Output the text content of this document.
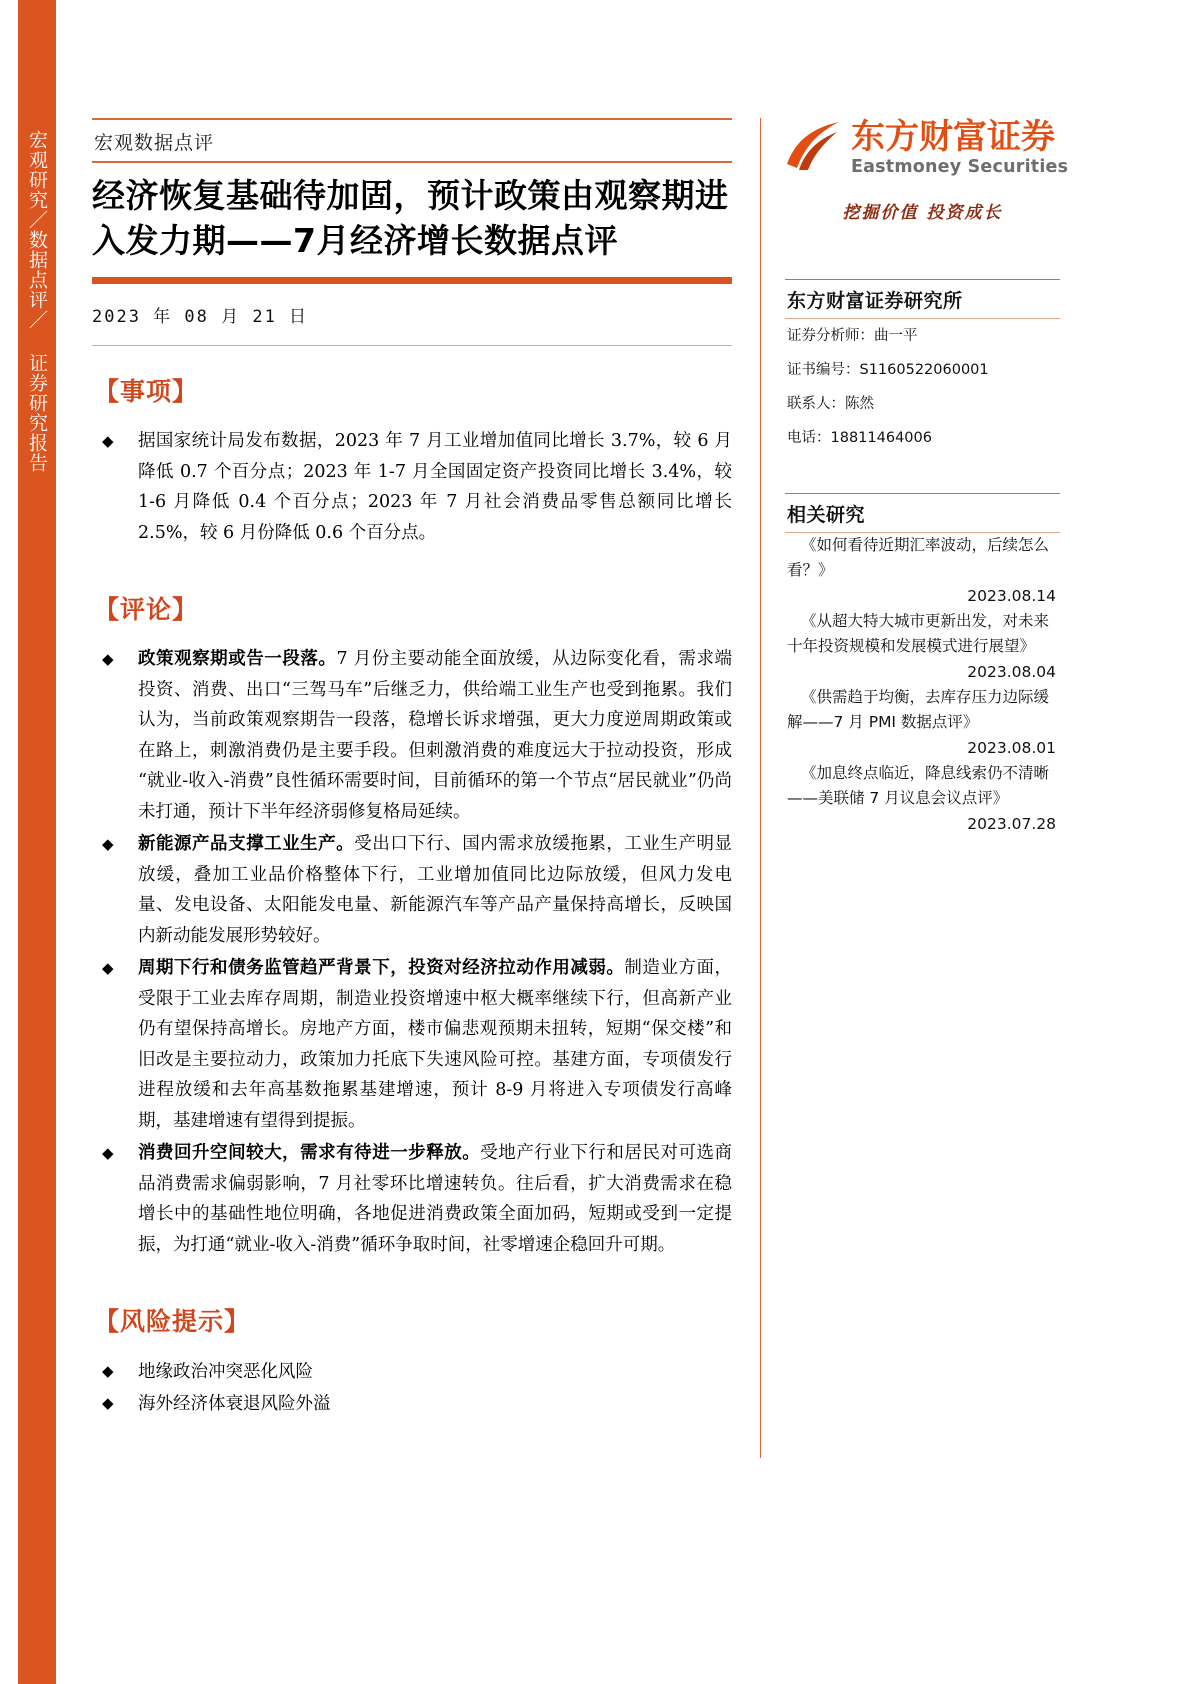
宏观研究／数据点评／ 证券研究报告	宏观数据点评
经济恢复基础待加固，预计政策由观察期进入发力期——7月经济增长数据点评
2023 年 08 月 21 日
【事项】
◆ 据国家统计局发布数据，2023 年 7 月工业增加值同比增长 3.7%，较 6 月降低 0.7 个百分点；2023 年 1-7 月全国固定资产投资同比增长 3.4%，较 1-6 月降低 0.4 个百分点；2023 年 7 月社会消费品零售总额同比增长 2.5%，较 6 月份降低 0.6 个百分点。
【评论】
◆ 政策观察期或告一段落。7 月份主要动能全面放缓，从边际变化看，需求端投资、消费、出口“三驾马车”后继乏力，供给端工业生产也受到拖累。我们认为，当前政策观察期告一段落，稳增长诉求增强，更大力度逆周期政策或在路上，刺激消费仍是主要手段。但刺激消费的难度远大于拉动投资，形成“就业-收入-消费”良性循环需要时间，目前循环的第一个节点“居民就业”仍尚未打通，预计下半年经济弱修复格局延续。
◆ 新能源产品支撑工业生产。受出口下行、国内需求放缓拖累，工业生产明显放缓，叠加工业品价格整体下行，工业增加值同比边际放缓，但风力发电量、发电设备、太阳能发电量、新能源汽车等产品产量保持高增长，反映国内新动能发展形势较好。
◆ 周期下行和债务监管趋严背景下，投资对经济拉动作用减弱。制造业方面，受限于工业去库存周期，制造业投资增速中枢大概率继续下行，但高新产业仍有望保持高增长。房地产方面，楼市偏悲观预期未扭转，短期“保交楼”和旧改是主要拉动力，政策加力托底下失速风险可控。基建方面，专项债发行进程放缓和去年高基数拖累基建增速，预计 8-9 月将进入专项债发行高峰期，基建增速有望得到提振。
◆ 消费回升空间较大，需求有待进一步释放。受地产行业下行和居民对可选商品消费需求偏弱影响，7 月社零环比增速转负。往后看，扩大消费需求在稳增长中的基础性地位明确，各地促进消费政策全面加码，短期或受到一定提振，为打通“就业-收入-消费”循环争取时间，社零增速企稳回升可期。
【风险提示】
◆ 地缘政治冲突恶化风险
◆ 海外经济体衰退风险外溢
东方财富证券 Eastmoney Securities
挖掘价值 投资成长
东方财富证券研究所
证券分析师：曲一平
证书编号：S1160522060001
联系人：陈然
电话：18811464006
相关研究
《如何看待近期汇率波动，后续怎么看？》
2023.08.14
《从超大特大城市更新出发，对未来十年投资规模和发展模式进行展望》
2023.08.04
《供需趋于均衡，去库存压力边际缓解——7 月 PMI 数据点评》
2023.08.01
《加息终点临近，降息线索仍不清晰——美联储 7 月议息会议点评》
2023.07.28
